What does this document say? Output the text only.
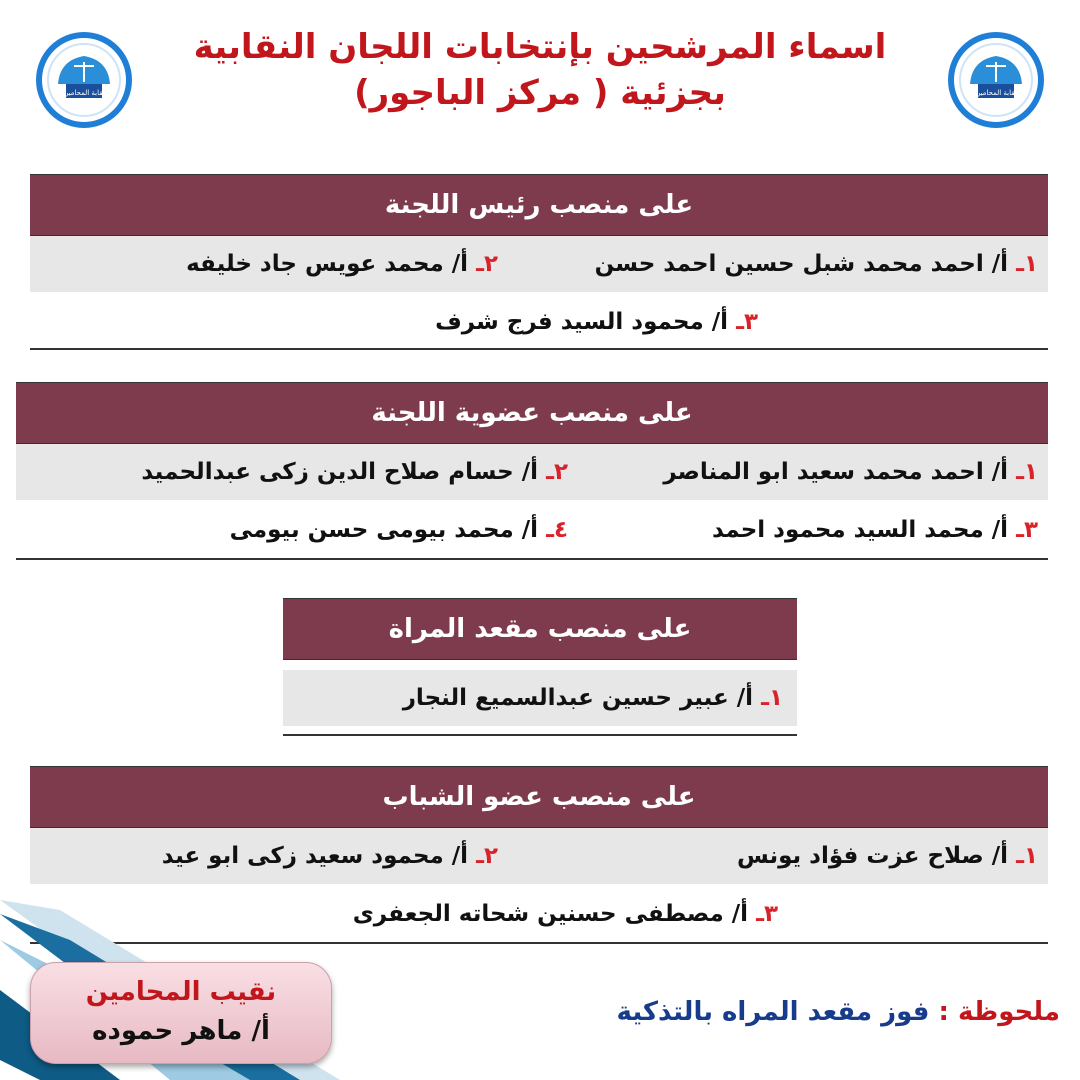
اسماء المرشحين بإنتخابات اللجان النقابية
بجزئية ( مركز الباجور)
نقابة المحامين	نقابة المحامين
على منصب رئيس اللجنة
١ـ أ/ احمد محمد شبل حسين احمد حسن
٢ـ أ/ محمد عويس جاد خليفه
٣ـ أ/ محمود السيد فرج شرف
على منصب عضوية اللجنة
١ـ أ/ احمد محمد سعيد ابو المناصر
٢ـ أ/ حسام صلاح الدين زكى عبدالحميد
٣ـ أ/ محمد السيد محمود احمد
٤ـ أ/ محمد بيومى حسن بيومى
على منصب مقعد المراة
١ـ أ/ عبير حسين عبدالسميع النجار
على منصب عضو الشباب
١ـ أ/ صلاح عزت فؤاد يونس
٢ـ أ/ محمود سعيد زكى ابو عيد
٣ـ أ/ مصطفى حسنين شحاته الجعفرى
نقيب المحامين
أ/ ماهر حموده
ملحوظة : فوز مقعد المراه بالتذكية
